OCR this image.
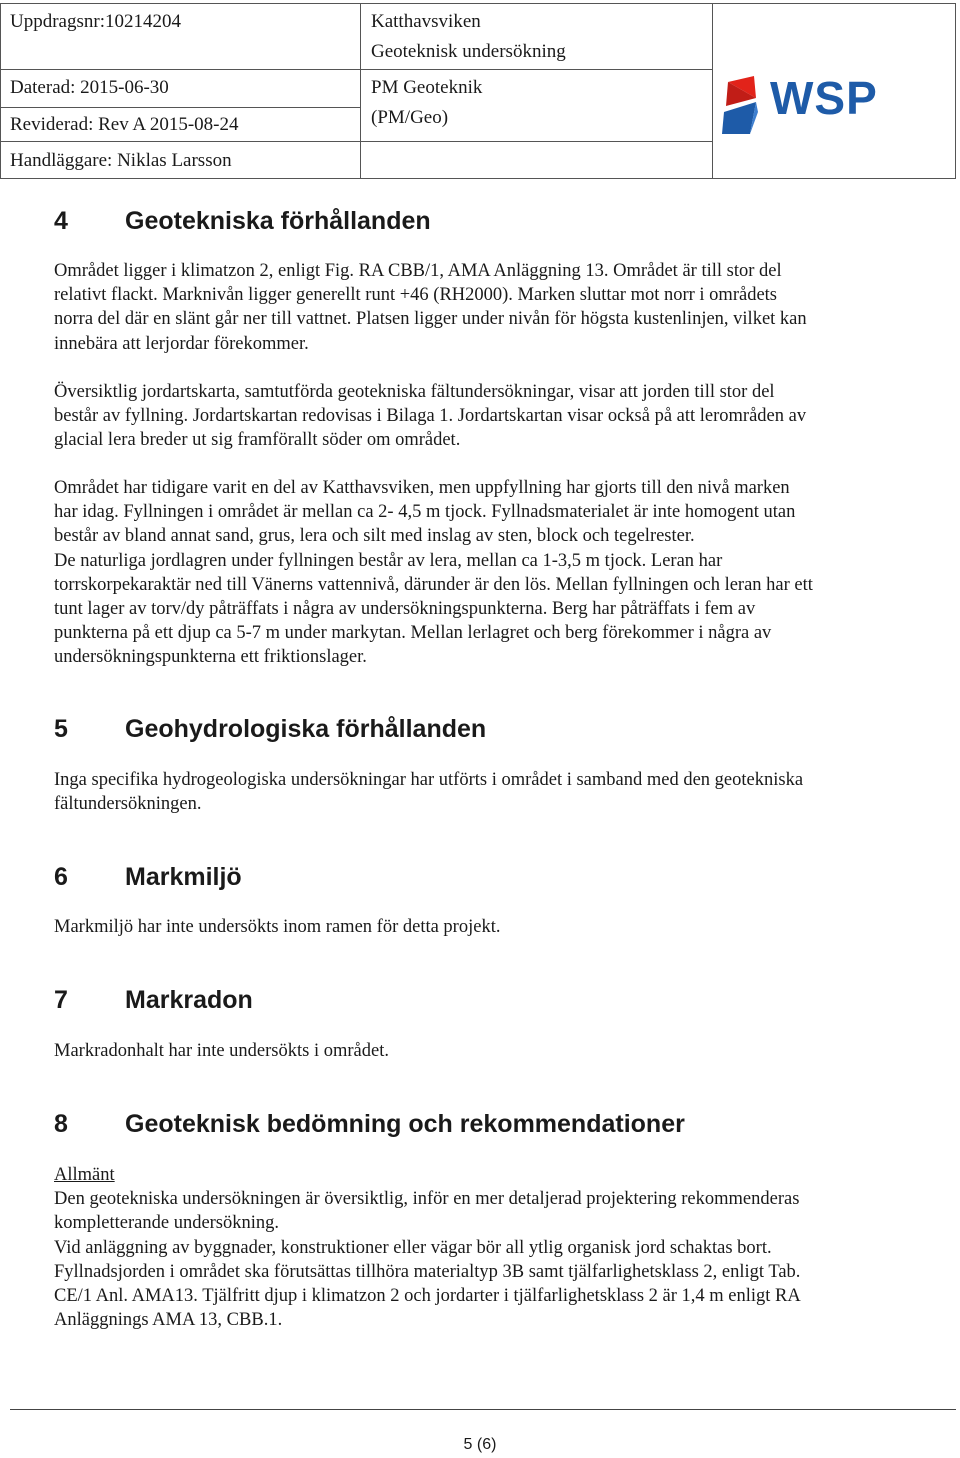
Uppdragsnr:10214204
Daterad: 2015-06-30
Reviderad: Rev A 2015-08-24
Handläggare: Niklas Larsson
Katthavsviken
Geoteknisk undersökning
PM Geoteknik
(PM/Geo)	WSP
4 Geotekniska förhållanden
Området ligger i klimatzon 2, enligt Fig. RA CBB/1, AMA Anläggning 13. Området är till stor del
relativt flackt. Marknivån ligger generellt runt +46 (RH2000). Marken sluttar mot norr i områdets
norra del där en slänt går ner till vattnet. Platsen ligger under nivån för högsta kustenlinjen, vilket kan
innebära att lerjordar förekommer.
Översiktlig jordartskarta, samtutförda geotekniska fältundersökningar, visar att jorden till stor del
består av fyllning. Jordartskartan redovisas i Bilaga 1. Jordartskartan visar också på att lerområden av
glacial lera breder ut sig framförallt söder om området.
Området har tidigare varit en del av Katthavsviken, men uppfyllning har gjorts till den nivå marken
har idag. Fyllningen i området är mellan ca 2- 4,5 m tjock. Fyllnadsmaterialet är inte homogent utan
består av bland annat sand, grus, lera och silt med inslag av sten, block och tegelrester.
De naturliga jordlagren under fyllningen består av lera, mellan ca 1-3,5 m tjock. Leran har
torrskorpekaraktär ned till Vänerns vattennivå, därunder är den lös. Mellan fyllningen och leran har ett
tunt lager av torv/dy påträffats i några av undersökningspunkterna. Berg har påträffats i fem av
punkterna på ett djup ca 5-7 m under markytan. Mellan lerlagret och berg förekommer i några av
undersökningspunkterna ett friktionslager.
5 Geohydrologiska förhållanden
Inga specifika hydrogeologiska undersökningar har utförts i området i samband med den geotekniska
fältundersökningen.
6 Markmiljö
Markmiljö har inte undersökts inom ramen för detta projekt.
7 Markradon
Markradonhalt har inte undersökts i området.
8 Geoteknisk bedömning och rekommendationer
Allmänt
Den geotekniska undersökningen är översiktlig, inför en mer detaljerad projektering rekommenderas
kompletterande undersökning.
Vid anläggning av byggnader, konstruktioner eller vägar bör all ytlig organisk jord schaktas bort.
Fyllnadsjorden i området ska förutsättas tillhöra materialtyp 3B samt tjälfarlighetsklass 2, enligt Tab.
CE/1 Anl. AMA13. Tjälfritt djup i klimatzon 2 och jordarter i tjälfarlighetsklass 2 är 1,4 m enligt RA
Anläggnings AMA 13, CBB.1.
5 (6)
